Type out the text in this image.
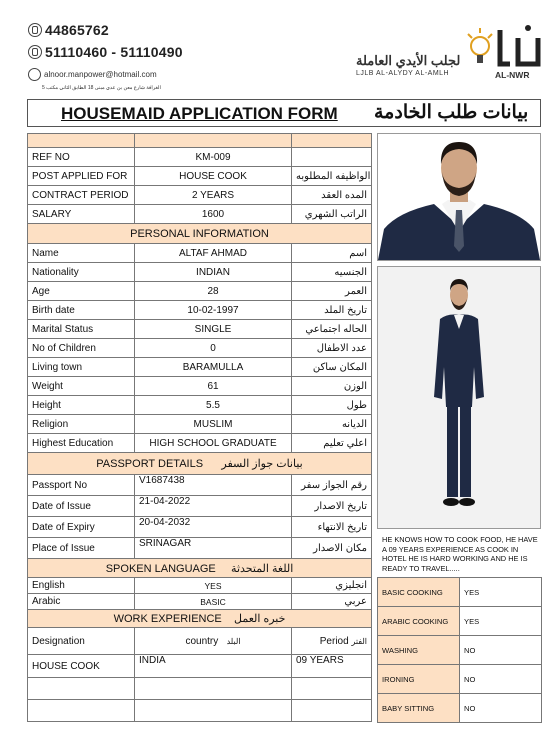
44865762
51110460 - 51110490
alnoor.manpower@hotmail.com
الغرافة شارع معن بن عدي مبنى 18 الطابق الثاني مكتب 5
لجلب الأيدي العاملة
LJLB AL-ALYDY AL-AMLH	AL-NWR
HOUSEMAID APPLICATION FORM بيانات طلب الخادمة

REF NO	KM-009	
POST APPLIED FOR	HOUSE COOK	الواظيفه المطلوبه
CONTRACT PERIOD	2 YEARS	المده العقد
SALARY	1600	الراتب الشهري
PERSONAL INFORMATION		
Name	ALTAF AHMAD	اسم
Nationality	INDIAN	الجنسيه
Age	28	العمر
Birth date	10-02-1997	تاريخ الملد
Marital Status	SINGLE	الحاله اجتماعي
No of Children	0	عدد الاطفال
Living town	BARAMULLA	المكان ساكن
Weight	61	الوزن
Height	5.5	طول
Religion	MUSLIM	الديانه
Highest Education	HIGH SCHOOL GRADUATE	اعلي تعليم
PASSPORT DETAILS بيانات جواز السفر		
Passport No	V1687438	رقم الجواز سفر
Date of Issue	21-04-2022	تاريخ الاصدار
Date of Expiry	20-04-2032	تاريخ الانتهاء
Place of Issue	SRINAGAR	مكان الاصدار
SPOKEN LANGUAGE اللغة المتحدثة		
English	YES	انجليزي
Arabic	BASIC	عربي
WORK EXPERIENCE خبره العمل		
Designation	country البلد	Period الفتر
HOUSE COOK	INDIA	09 YEARS

HE KNOWS HOW TO COOK FOOD, HE HAVE A 09 YEARS EXPERIENCE AS COOK IN HOTEL HE IS HARD WORKING AND HE IS READY TO TRAVEL.....
BASIC COOKING	YES
ARABIC COOKING	YES
WASHING	NO
IRONING	NO
BABY SITTING	NO
